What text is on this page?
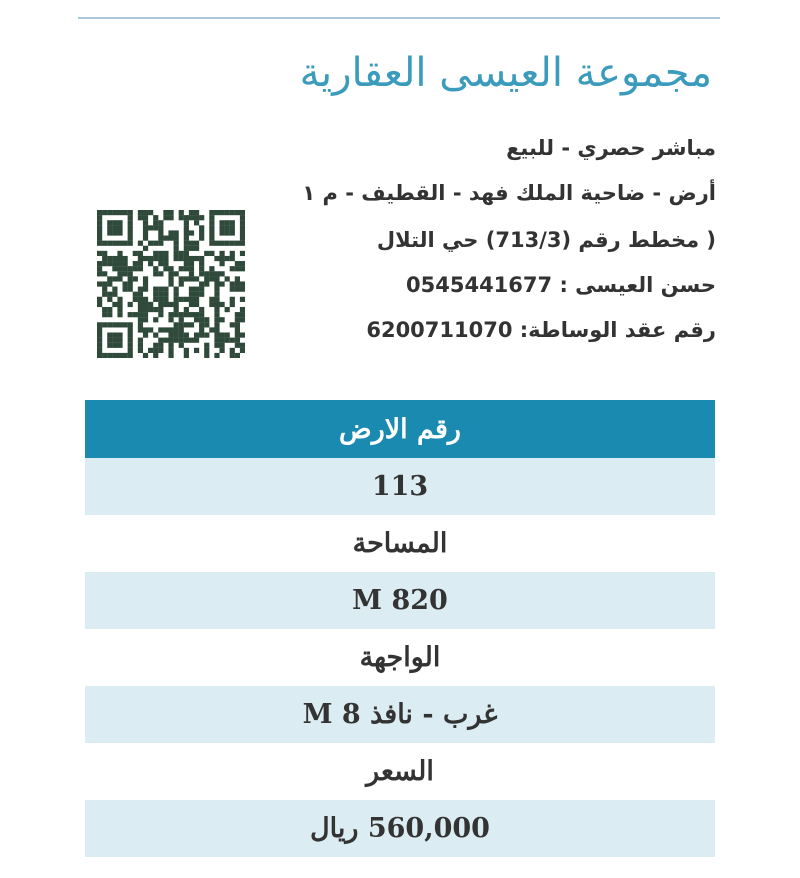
مجموعة العيسى العقارية
مباشر حصري - للبيع
أرض - ضاحية الملك فهد - القطيف - م ١
( مخطط رقم (713/3) حي التلال
حسن العيسى : 0545441677
رقم عقد الوساطة: 6200711070
رقم الارض
113
المساحة
M 820
الواجهة
غرب - نافذ 8 M
السعر
560,000 ريال
